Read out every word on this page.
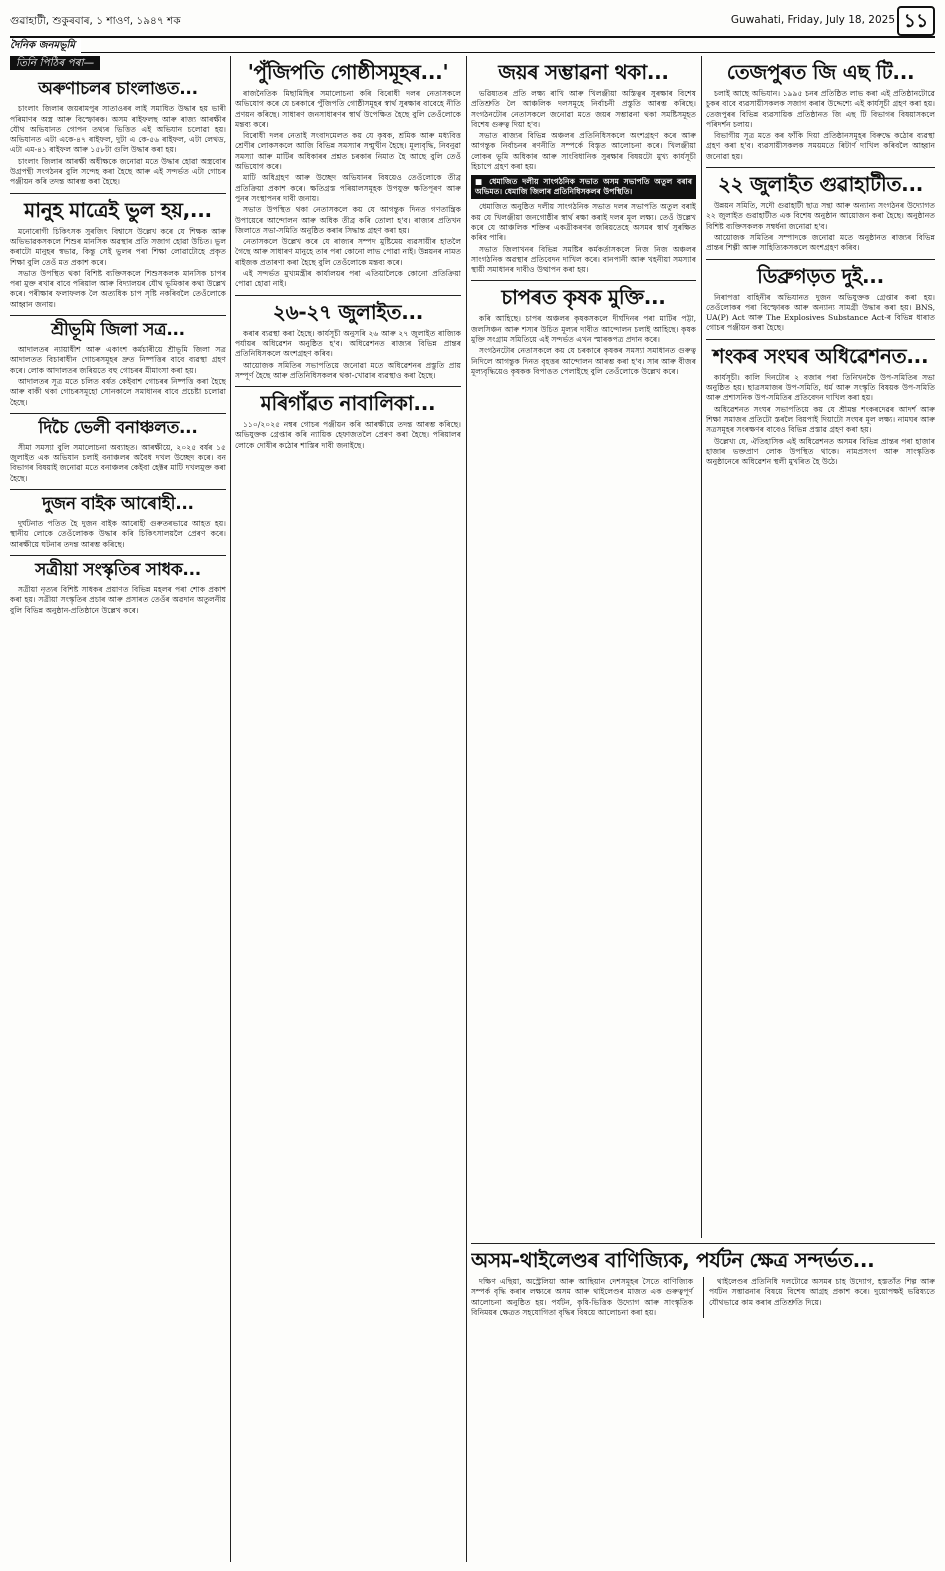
গুৱাহাটী, শুকুৰবাৰ, ১ শাওণ, ১৯৪৭ শক	Guwahati, Friday, July 18, 2025 ১১
দৈনিক জনমভূমি
তিনি পিঠিৰ পৰা—
অৰুণাচলৰ চাংলাঙত...

চাংলাং জিলাৰ জয়ৰামপুৰ সাতাওৰৰ লাই সমাধিত উদ্ধাৰ হয় ভাৰী পৰিমাণৰ অস্ত্ৰ আৰু বিস্ফোৰক। অসম ৰাইফলছ আৰু ৰাজ্য আৰক্ষীৰ যৌথ অভিযানত গোপন তথ্যৰ ভিত্তিত এই অভিযান চলোৱা হয়। অভিযানত এটা একে-৪৭ ৰাইফল, দুটা এ কে-৫৬ ৰাইফল, এটা লেথড, এটা এম-৪১ ৰাইফল আৰু ১৫৮টা গুলি উদ্ধাৰ কৰা হয়।

চাংলাং জিলাৰ আৰক্ষী অধীক্ষকে জনোৱা মতে উদ্ধাৰ হোৱা অস্ত্ৰবোৰ উগ্ৰপন্থী সংগঠনৰ বুলি সন্দেহ কৰা হৈছে আৰু এই সন্দৰ্ভত এটা গোচৰ পঞ্জীয়ন কৰি তদন্ত আৰম্ভ কৰা হৈছে।

মানুহ মাত্ৰেই ভুল হয়,...

মনোৰোগী চিকিৎসক সুৰজিৎ বিশ্বাসে উল্লেখ কৰে যে শিক্ষক আৰু অভিভাৱকসকলে শিশুৰ মানসিক অৱস্থাৰ প্ৰতি সজাগ হোৱা উচিত। ভুল কৰাটো মানুহৰ স্বভাৱ, কিন্তু সেই ভুলৰ পৰা শিক্ষা লোৱাটোহে প্ৰকৃত শিক্ষা বুলি তেওঁ মত প্ৰকাশ কৰে।

সভাত উপস্থিত থকা বিশিষ্ট ব্যক্তিসকলে শিশুসকলক মানসিক চাপৰ পৰা মুক্ত ৰখাৰ বাবে পৰিয়াল আৰু বিদ্যালয়ৰ যৌথ ভূমিকাৰ কথা উল্লেখ কৰে। পৰীক্ষাৰ ফলাফলক লৈ অত্যধিক চাপ সৃষ্টি নকৰিবলৈ তেওঁলোকে আহ্বান জনায়।

শ্ৰীভূমি জিলা সত্ৰ...

আদালতৰ ন্যায়াধীশ আৰু একাংশ কৰ্মচাৰীয়ে শ্ৰীভূমি জিলা সত্ৰ আদালতত বিচাৰাধীন গোচৰসমূহৰ দ্ৰুত নিষ্পত্তিৰ বাবে ব্যৱস্থা গ্ৰহণ কৰে। লোক আদালতৰ জৰিয়তে বহু গোচৰৰ মীমাংসা কৰা হয়।

আদালতৰ সূত্ৰ মতে চলিত বৰ্ষত কেইবাশ গোচৰৰ নিষ্পত্তি কৰা হৈছে আৰু বাকী থকা গোচৰসমূহো সোনকালে সমাধানৰ বাবে প্ৰচেষ্টা চলোৱা হৈছে।

দিচৈ ভেলী বনাঞ্চলত...

সীমা সমস্যা বুলি সমালোচনা অব্যাহত। আৰক্ষীয়ে, ২০২৫ বৰ্ষৰ ১৫ জুলাইত এক অভিযান চলাই বনাঞ্চলৰ অবৈধ দখল উচ্ছেদ কৰে। বন বিভাগৰ বিষয়াই জনোৱা মতে বনাঞ্চলৰ কেইবা হেক্টৰ মাটি দখলমুক্ত কৰা হৈছে।

দুজন বাইক আৰোহী...

দুৰ্ঘটনাত পতিত হৈ দুজন বাইক আৰোহী গুৰুতৰভাৱে আহত হয়। স্থানীয় লোকে তেওঁলোকক উদ্ধাৰ কৰি চিকিৎসালয়লৈ প্ৰেৰণ কৰে। আৰক্ষীয়ে ঘটনাৰ তদন্ত আৰম্ভ কৰিছে।

সত্ৰীয়া সংস্কৃতিৰ সাধক...

সত্ৰীয়া নৃত্যৰ বিশিষ্ট সাধকৰ প্ৰয়াণত বিভিন্ন মহলৰ পৰা শোক প্ৰকাশ কৰা হয়। সত্ৰীয়া সংস্কৃতিৰ প্ৰচাৰ আৰু প্ৰসাৰত তেওঁৰ অৱদান অতুলনীয় বুলি বিভিন্ন অনুষ্ঠান-প্ৰতিষ্ঠানে উল্লেখ কৰে।

'পুঁজিপতি গোষ্ঠীসমূহৰ...'

ৰাজনৈতিক মিছামিছিৰ সমালোচনা কৰি বিৰোধী দলৰ নেতাসকলে অভিযোগ কৰে যে চৰকাৰে পুঁজিপতি গোষ্ঠীসমূহৰ স্বাৰ্থ সুৰক্ষাৰ বাবেহে নীতি প্ৰণয়ন কৰিছে। সাধাৰণ জনসাধাৰণৰ স্বাৰ্থ উপেক্ষিত হৈছে বুলি তেওঁলোকে মন্তব্য কৰে।

বিৰোধী দলৰ নেতাই সংবাদমেলত কয় যে কৃষক, শ্ৰমিক আৰু মধ্যবিত্ত শ্ৰেণীৰ লোকসকলে আজি বিভিন্ন সমস্যাৰ সন্মুখীন হৈছে। মূল্যবৃদ্ধি, নিবনুৱা সমস্যা আৰু মাটিৰ অধিকাৰৰ প্ৰশ্নত চৰকাৰ নিমাত হৈ আছে বুলি তেওঁ অভিযোগ কৰে।

মাটি অধিগ্ৰহণ আৰু উচ্ছেদ অভিযানৰ বিষয়েও তেওঁলোকে তীব্ৰ প্ৰতিক্ৰিয়া প্ৰকাশ কৰে। ক্ষতিগ্ৰস্ত পৰিয়ালসমূহক উপযুক্ত ক্ষতিপূৰণ আৰু পুনৰ সংস্থাপনৰ দাবী জনায়।

সভাত উপস্থিত থকা নেতাসকলে কয় যে আগন্তুক দিনত গণতান্ত্ৰিক উপায়েৰে আন্দোলন আৰু অধিক তীব্ৰ কৰি তোলা হ'ব। ৰাজ্যৰ প্ৰতিখন জিলাতে সভা-সমিতি অনুষ্ঠিত কৰাৰ সিদ্ধান্ত গ্ৰহণ কৰা হয়।

নেতাসকলে উল্লেখ কৰে যে ৰাজ্যৰ সম্পদ মুষ্টিমেয় ব্যৱসায়ীৰ হাতলৈ গৈছে আৰু সাধাৰণ মানুহে তাৰ পৰা কোনো লাভ পোৱা নাই। উন্নয়নৰ নামত ৰাইজক প্ৰতাৰণা কৰা হৈছে বুলি তেওঁলোকে মন্তব্য কৰে।

এই সন্দৰ্ভত মুখ্যমন্ত্ৰীৰ কাৰ্যালয়ৰ পৰা এতিয়ালৈকে কোনো প্ৰতিক্ৰিয়া পোৱা হোৱা নাই।

২৬-২৭ জুলাইত...

কৰাৰ ব্যৱস্থা কৰা হৈছে। কাৰ্যসূচী অনুসৰি ২৬ আৰু ২৭ জুলাইত ৰাজ্যিক পৰ্যায়ৰ অধিৱেশন অনুষ্ঠিত হ'ব। অধিৱেশনত ৰাজ্যৰ বিভিন্ন প্ৰান্তৰ প্ৰতিনিধিসকলে অংশগ্ৰহণ কৰিব।

আয়োজক সমিতিৰ সভাপতিয়ে জনোৱা মতে অধিৱেশনৰ প্ৰস্তুতি প্ৰায় সম্পূৰ্ণ হৈছে আৰু প্ৰতিনিধিসকলৰ থকা-খোৱাৰ ব্যৱস্থাও কৰা হৈছে।

মৰিগাঁৱত নাবালিকা...

১১০/২০২৫ নম্বৰ গোচৰ পঞ্জীয়ন কৰি আৰক্ষীয়ে তদন্ত আৰম্ভ কৰিছে। অভিযুক্তক গ্ৰেপ্তাৰ কৰি ন্যায়িক হেফাজতলৈ প্ৰেৰণ কৰা হৈছে। পৰিয়ালৰ লোকে দোষীৰ কঠোৰ শাস্তিৰ দাবী জনাইছে।

জয়ৰ সম্ভাৱনা থকা...

ভৱিষ্যতৰ প্ৰতি লক্ষ্য ৰাখি আৰু খিলঞ্জীয়া অস্তিত্বৰ সুৰক্ষাৰ বিশেষ প্ৰতিশ্ৰুতি লৈ আঞ্চলিক দলসমূহে নিৰ্বাচনী প্ৰস্তুতি আৰম্ভ কৰিছে। সংগঠনটোৰ নেতাসকলে জনোৱা মতে জয়ৰ সম্ভাৱনা থকা সমষ্টিসমূহত বিশেষ গুৰুত্ব দিয়া হ'ব।

সভাত ৰাজ্যৰ বিভিন্ন অঞ্চলৰ প্ৰতিনিধিসকলে অংশগ্ৰহণ কৰে আৰু আগন্তুক নিৰ্বাচনৰ ৰণনীতি সম্পৰ্কে বিস্তৃত আলোচনা কৰে। খিলঞ্জীয়া লোকৰ ভূমি অধিকাৰ আৰু সাংবিধানিক সুৰক্ষাৰ বিষয়টো মুখ্য কাৰ্যসূচী হিচাপে গ্ৰহণ কৰা হয়।

■ ধেমাজিত দলীয় সাংগঠনিক সভাত অসম সভাপতি অতুল বৰাৰ অভিমত। ধেমাজি জিলাৰ প্ৰতিনিধিসকলৰ উপস্থিতি।

ধেমাজিত অনুষ্ঠিত দলীয় সাংগঠনিক সভাত দলৰ সভাপতি অতুল বৰাই কয় যে খিলঞ্জীয়া জনগোষ্ঠীৰ স্বাৰ্থ ৰক্ষা কৰাই দলৰ মূল লক্ষ্য। তেওঁ উল্লেখ কৰে যে আঞ্চলিক শক্তিৰ একত্ৰীকৰণৰ জৰিয়তেহে অসমৰ স্বাৰ্থ সুৰক্ষিত কৰিব পাৰি।

সভাত জিলাখনৰ বিভিন্ন সমষ্টিৰ কৰ্মকৰ্তাসকলে নিজ নিজ অঞ্চলৰ সাংগঠনিক অৱস্থাৰ প্ৰতিবেদন দাখিল কৰে। বানপানী আৰু খহনীয়া সমস্যাৰ স্থায়ী সমাধানৰ দাবীও উত্থাপন কৰা হয়।

চাপৰত কৃষক মুক্তি...

কৰি আহিছে। চাপৰ অঞ্চলৰ কৃষকসকলে দীৰ্ঘদিনৰ পৰা মাটিৰ পট্টা, জলসিঞ্চন আৰু শস্যৰ উচিত মূল্যৰ দাবীত আন্দোলন চলাই আহিছে। কৃষক মুক্তি সংগ্ৰাম সমিতিয়ে এই সন্দৰ্ভত এখন স্মাৰকপত্ৰ প্ৰদান কৰে।

সংগঠনটোৰ নেতাসকলে কয় যে চৰকাৰে কৃষকৰ সমস্যা সমাধানত গুৰুত্ব নিদিলে আগন্তুক দিনত বৃহত্তৰ আন্দোলন আৰম্ভ কৰা হ'ব। সাৰ আৰু বীজৰ মূল্যবৃদ্ধিয়েও কৃষকক বিপাঙত পেলাইছে বুলি তেওঁলোকে উল্লেখ কৰে।

তেজপুৰত জি এছ টি...

চলাই আছে অভিযান। ১৯৯৫ চনৰ প্ৰতিষ্ঠিত লাভ কৰা এই প্ৰতিষ্ঠানটোৱে চুকৰ বাবে ব্যৱসায়ীসকলক সজাগ কৰাৰ উদ্দেশ্যে এই কাৰ্যসূচী গ্ৰহণ কৰা হয়। তেজপুৰৰ বিভিন্ন ব্যৱসায়িক প্ৰতিষ্ঠানত জি এছ টি বিভাগৰ বিষয়াসকলে পৰিদৰ্শন চলায়।

বিভাগীয় সূত্ৰ মতে কৰ ফাঁকি দিয়া প্ৰতিষ্ঠানসমূহৰ বিৰুদ্ধে কঠোৰ ব্যৱস্থা গ্ৰহণ কৰা হ'ব। ব্যৱসায়ীসকলক সময়মতে ৰিটাৰ্ণ দাখিল কৰিবলৈ আহ্বান জনোৱা হয়।

২২ জুলাইত গুৱাহাটীত...

উন্নয়ন সমিতি, সদৌ গুৱাহাটী ছাত্ৰ সন্থা আৰু অন্যান্য সংগঠনৰ উদ্যোগত ২২ জুলাইত গুৱাহাটীত এক বিশেষ অনুষ্ঠান আয়োজন কৰা হৈছে। অনুষ্ঠানত বিশিষ্ট ব্যক্তিসকলক সম্বৰ্ধনা জনোৱা হ'ব।

আয়োজক সমিতিৰ সম্পাদকে জনোৱা মতে অনুষ্ঠানত ৰাজ্যৰ বিভিন্ন প্ৰান্তৰ শিল্পী আৰু সাহিত্যিকসকলে অংশগ্ৰহণ কৰিব।

ডিব্ৰুগড়ত দুই...

নিৰাপত্তা বাহিনীৰ অভিযানত দুজন অভিযুক্তক গ্ৰেপ্তাৰ কৰা হয়। তেওঁলোকৰ পৰা বিস্ফোৰক আৰু অন্যান্য সামগ্ৰী উদ্ধাৰ কৰা হয়। BNS, UA(P) Act আৰু The Explosives Substance Act-ৰ বিভিন্ন ধাৰাত গোচৰ পঞ্জীয়ন কৰা হৈছে।

শংকৰ সংঘৰ অধিৱেশনত...

কাৰ্যসূচী। কালি দিনটোৰ ২ বজাৰ পৰা তিনিখনকৈ উপ-সমিতিৰ সভা অনুষ্ঠিত হয়। ছাত্ৰসমাজৰ উপ-সমিতি, ধৰ্ম আৰু সংস্কৃতি বিষয়ক উপ-সমিতি আৰু প্ৰশাসনিক উপ-সমিতিৰ প্ৰতিবেদন দাখিল কৰা হয়।

অধিৱেশনত সংঘৰ সভাপতিয়ে কয় যে শ্ৰীমন্ত শংকৰদেৱৰ আদৰ্শ আৰু শিক্ষা সমাজৰ প্ৰতিটো স্তৰলৈ বিয়পাই দিয়াটো সংঘৰ মূল লক্ষ্য। নামঘৰ আৰু সত্ৰসমূহৰ সংৰক্ষণৰ বাবেও বিভিন্ন প্ৰস্তাৱ গ্ৰহণ কৰা হয়।

উল্লেখ্য যে, ঐতিহাসিক এই অধিৱেশনত অসমৰ বিভিন্ন প্ৰান্তৰ পৰা হাজাৰ হাজাৰ ভক্তপ্ৰাণ লোক উপস্থিত থাকে। নামপ্ৰসংগ আৰু সাংস্কৃতিক অনুষ্ঠানেৰে অধিৱেশন স্থলী মুখৰিত হৈ উঠে।

অসম-থাইলেণ্ডৰ বাণিজ্যিক, পৰ্যটন ক্ষেত্ৰ সন্দৰ্ভত...

দক্ষিণ এছিয়া, অস্ট্ৰেলিয়া আৰু আছিয়ান দেশসমূহৰ সৈতে বাণিজ্যিক সম্পৰ্ক বৃদ্ধি কৰাৰ লক্ষ্যৰে অসম আৰু থাইলেণ্ডৰ মাজত এক গুৰুত্বপূৰ্ণ আলোচনা অনুষ্ঠিত হয়। পৰ্যটন, কৃষি-ভিত্তিক উদ্যোগ আৰু সাংস্কৃতিক বিনিময়ৰ ক্ষেত্ৰত সহযোগিতা বৃদ্ধিৰ বিষয়ে আলোচনা কৰা হয়।

থাইলেণ্ডৰ প্ৰতিনিধি দলটোৱে অসমৰ চাহ উদ্যোগ, হস্ততাঁত শিল্প আৰু পৰ্যটন সম্ভাৱনাৰ বিষয়ে বিশেষ আগ্ৰহ প্ৰকাশ কৰে। দুয়োপক্ষই ভৱিষ্যতে যৌথভাৱে কাম কৰাৰ প্ৰতিশ্ৰুতি দিয়ে।
